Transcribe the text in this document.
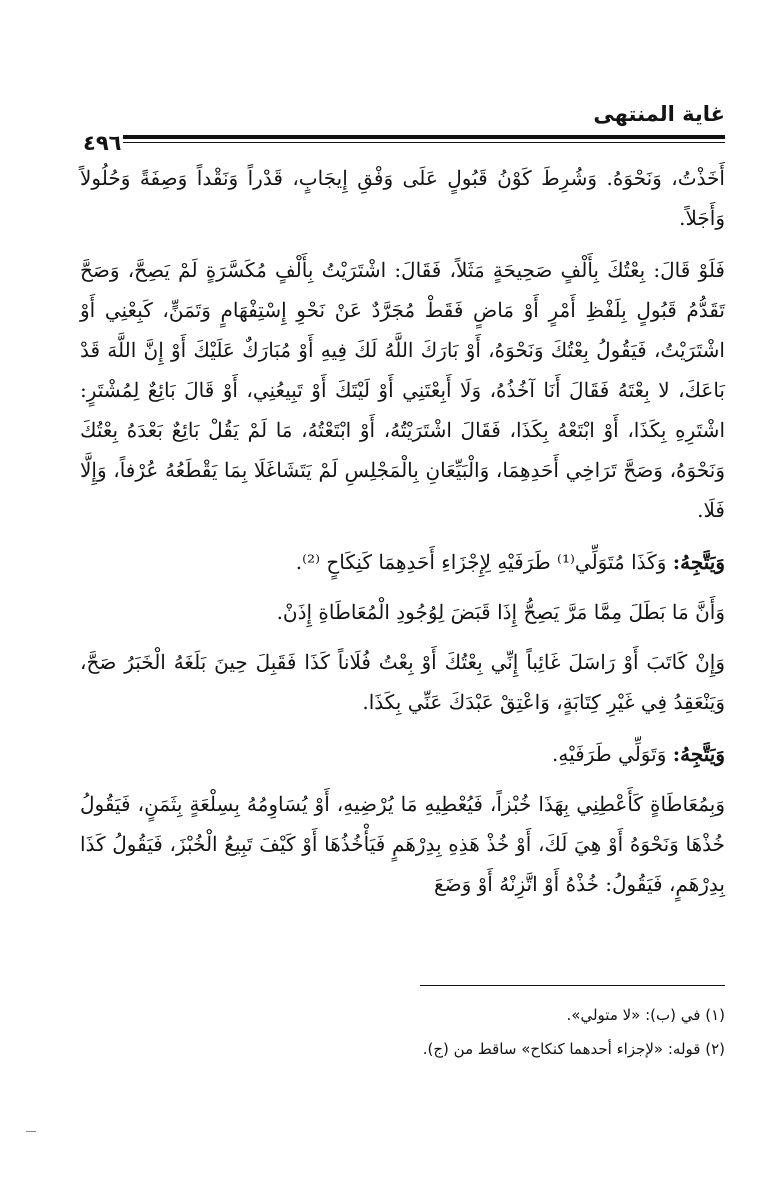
غاية المنتهى
٤٩٦

أَخَذْتُ، وَنَحْوَهُ. وَشُرِطَ كَوْنُ قَبُولٍ عَلَى وَفْقِ إِيجَابٍ، قَدْراً وَنَقْداً وَصِفَةً وَحُلُولاً وَأَجَلاً.

فَلَوْ قَالَ: بِعْتُكَ بِأَلْفٍ صَحِيحَةٍ مَثَلاً، فَقَالَ: اشْتَرَيْتُ بِأَلْفٍ مُكَسَّرَةٍ لَمْ يَصِحَّ، وَصَحَّ تَقَدُّمُ قَبُولٍ بِلَفْظِ أَمْرٍ أَوْ مَاضٍ فَقَطْ مُجَرَّدٌ عَنْ نَحْوِ إِسْتِفْهَامٍ وَتَمَنٍّ، كَبِعْنِي أَوْ اشْتَرَيْتُ، فَيَقُولُ بِعْتُكَ وَنَحْوَهُ، أَوْ بَارَكَ اللَّهُ لَكَ فِيهِ أَوْ مُبَارَكٌ عَلَيْكَ أَوْ إِنَّ اللَّهَ قَدْ بَاعَكَ، لا بِعْتَهُ فَقَالَ أَنَا آخُذُهُ، وَلَا أَبِعْتَنِي أَوْ لَيْتَكَ أَوْ تَبِيعُنِي، أَوْ قَالَ بَائِعٌ لِمُشْتَرٍ: اشْتَرِهِ بِكَذَا، أَوْ ابْتَعْهُ بِكَذَا، فَقَالَ اشْتَرَيْتُهُ، أَوْ ابْتَعْتُهُ، مَا لَمْ يَقُلْ بَائِعٌ بَعْدَهُ بِعْتُكَ وَنَحْوَهُ، وَصَحَّ تَرَاخِي أَحَدِهِمَا، وَالْبَيِّعَانِ بِالْمَجْلِسِ لَمْ يَتَشَاغَلَا بِمَا يَقْطَعُهُ عُرْفاً، وَإِلَّا فَلَا.

وَيَتَّجِهُ: وَكَذَا مُتَوَلِّي⁽¹⁾ طَرَفَيْهِ لِإِجْزَاءِ أَحَدِهِمَا كَنِكَاحٍ ⁽²⁾.

وَأَنَّ مَا بَطَلَ مِمَّا مَرَّ يَصِحُّ إِذَا قَبَضَ لِوُجُودِ الْمُعَاطَاةِ إِذَنْ.

وَإِنْ كَاتَبَ أَوْ رَاسَلَ غَائِباً إِنِّي بِعْتُكَ أَوْ بِعْتُ فُلَاناً كَذَا فَقَبِلَ حِينَ بَلَغَهُ الْخَبَرُ صَحَّ، وَيَنْعَقِدُ فِي غَيْرِ كِتَابَةٍ، وَاعْتِقْ عَبْدَكَ عَنِّي بِكَذَا.

وَيَتَّجِهُ: وَتَوَلِّي طَرَفَيْهِ.

وَبِمُعَاطَاةٍ كَأَعْطِنِي بِهَذَا خُبْزاً، فَيُعْطِيهِ مَا يُرْضِيهِ، أَوْ يُسَاوِمُهُ بِسِلْعَةٍ بِثَمَنٍ، فَيَقُولُ خُذْهَا وَنَحْوَهُ أَوْ هِيَ لَكَ، أَوْ خُذْ هَذِهِ بِدِرْهَمٍ فَيَأْخُذُهَا أَوْ كَيْفَ تَبِيعُ الْخُبْزَ، فَيَقُولُ كَذَا بِدِرْهَمٍ، فَيَقُولُ: خُذْهُ أَوْ اتَّزِنْهُ أَوْ وَضَعَ

(١) في (ب): «لا متولي».
(٢) قوله: «لإجزاء أحدهما كنكاح» ساقط من (ج).
